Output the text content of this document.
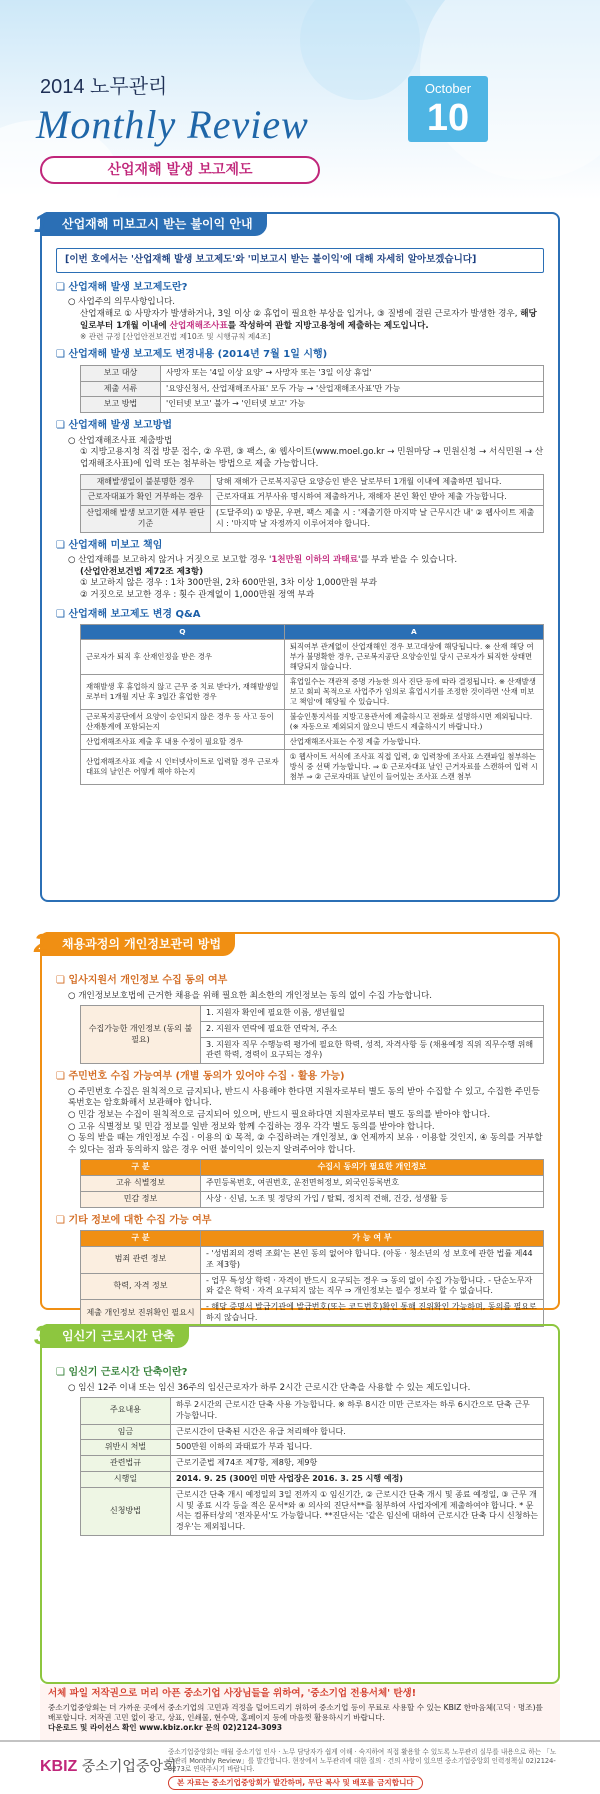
2014 노무관리
Monthly Review
October
10
산업재해 발생 보고제도
산업재해 미보고시 받는 불이익 안내
1
[이번 호에서는 '산업재해 발생 보고제도'와 '미보고시 받는 불이익'에 대해 자세히 알아보겠습니다]
❏ 산업재해 발생 보고제도란?
○ 사업주의 의무사항입니다.
산업재해로 ① 사망자가 발생하거나, 3일 이상 ② 휴업이 필요한 부상을 입거나, ③ 질병에 걸린 근로자가 발생한 경우, 해당일로부터 1개월 이내에 산업재해조사표를 작성하여 관할 지방고용청에 제출하는 제도입니다.
※ 관련 규정 [산업안전보건법 제10조 및 시행규칙 제4조]
❏ 산업재해 발생 보고제도 변경내용 (2014년 7월 1일 시행)
보고 대상	사망자 또는 '4일 이상 요양' → 사망자 또는 '3일 이상 휴업'
제출 서류	'요양신청서, 산업재해조사표' 모두 가능 → '산업재해조사표'만 가능
보고 방법	'인터넷 보고' 불가 → '인터넷 보고' 가능
❏ 산업재해 발생 보고방법
○ 산업재해조사표 제출방법
① 지방고용지청 직접 방문 접수, ② 우편, ③ 팩스, ④ 웹사이트(www.moel.go.kr → 민원마당 → 민원신청 → 서식민원 → 산업재해조사표)에 입력 또는 첨부하는 방법으로 제출 가능합니다.
재해발생일이 불분명한 경우	당해 재해가 근로복지공단 요양승인 받은 날로부터 1개월 이내에 제출하면 됩니다.
근로자대표가 확인 거부하는 경우	근로자대표 거부사유 명시하여 제출하거나, 재해자 본인 확인 받아 제출 가능합니다.
산업재해 발생 보고기한 세부 판단기준	(도달주의) ① 방문, 우편, 팩스 제출 시 : '제출기한 마지막 날 근무시간 내' ② 웹사이트 제출 시 : '마지막 날 자정까지 이루어져야 합니다.
❏ 산업재해 미보고 책임
○ 산업재해를 보고하지 않거나 거짓으로 보고할 경우 '1천만원 이하의 과태료'를 부과 받을 수 있습니다.
(산업안전보건법 제72조 제3항)
① 보고하지 않은 경우 : 1차 300만원, 2차 600만원, 3차 이상 1,000만원 부과
② 거짓으로 보고한 경우 : 횟수 관계없이 1,000만원 정액 부과
❏ 산업재해 보고제도 변경 Q&A
Q	A
근로자가 퇴직 후 산재인정을 받은 경우	퇴직여부 관계없이 산업재해인 경우 보고대상에 해당됩니다. ※ 산재 해당 여부가 불명확한 경우, 근로복지공단 요양승인일 당시 근로자가 퇴직한 상태면 해당되지 않습니다.
재해발생 후 휴업하지 않고 근무 중 치료 받다가, 재해발생일로부터 1개월 지난 후 3일간 휴업한 경우	휴업일수는 객관적 증명 가능한 의사 진단 등에 따라 결정됩니다. ※ 산재발생 보고 회피 목적으로 사업주가 임의로 휴업시기를 조정한 것이라면 '산재 미보고 책임'에 해당될 수 있습니다.
근로복지공단에서 요양이 승인되지 않은 경우 등 사고 등이 산재통계에 포함되는지	불승인통지서를 지방고용관서에 제출하시고 전화로 설명하시면 제외됩니다. (※ 자동으로 제외되지 않으니 반드시 제출하시기 바랍니다.)
산업재해조사표 제출 후 내용 수정이 필요할 경우	산업재해조사표는 수정 제출 가능합니다.
산업재해조사표 제출 시 인터넷사이트로 입력할 경우 근로자대표의 날인은 어떻게 해야 하는지	① 웹사이트 서식에 조사표 직접 입력, ② 입력창에 조사표 스캔파일 첨부하는 방식 중 선택 가능합니다. ⇒ ① 근로자대표 날인 근거자료를 스캔하여 입력 시 첨부 ⇒ ② 근로자대표 날인이 들어있는 조사표 스캔 첨부
채용과정의 개인정보관리 방법
2
❏ 입사지원서 개인정보 수집 동의 여부
○ 개인정보보호법에 근거한 채용을 위해 필요한 최소한의 개인정보는 동의 없이 수집 가능합니다.
수집가능한 개인정보 (동의 불필요)	1. 지원자 확인에 필요한 이름, 생년월일
2. 지원자 연락에 필요한 연락처, 주소
3. 지원자 직무 수행능력 평가에 필요한 학력, 성적, 자격사항 등 (채용예정 직위 직무수행 위해 관련 학력, 경력이 요구되는 경우)
❏ 주민번호 수집 가능여부 (개별 동의가 있어야 수집 · 활용 가능)
○ 주민번호 수집은 원칙적으로 금지되나, 반드시 사용해야 한다면 지원자로부터 별도 동의 받아 수집할 수 있고, 수집한 주민등록번호는 암호화해서 보관해야 합니다.
○ 민감 정보는 수집이 원칙적으로 금지되어 있으며, 반드시 필요하다면 지원자로부터 별도 동의를 받아야 합니다.
○ 고유 식별정보 및 민감 정보를 일반 정보와 함께 수집하는 경우 각각 별도 동의를 받아야 합니다.
○ 동의 받을 때는 개인정보 수집 · 이용의 ① 목적, ② 수집하려는 개인정보, ③ 언제까지 보유 · 이용할 것인지, ④ 동의를 거부할 수 있다는 점과 동의하지 않은 경우 어떤 불이익이 있는지 알려주어야 합니다.
구 분	수집시 동의가 필요한 개인정보
고유 식별정보	주민등록번호, 여권번호, 운전면허정보, 외국인등록번호
민감 정보	사상 · 신념, 노조 및 정당의 가입 / 탈퇴, 정치적 견해, 건강, 성생활 등
❏ 기타 정보에 대한 수집 가능 여부
구 분	가 능 여 부
범죄 관련 정보	- '성범죄의 경력 조회'는 본인 동의 없어야 합니다. (아동 · 청소년의 성 보호에 관한 법률 제44조 제3항)
학력, 자격 정보	- 업무 특성상 학력 · 자격이 반드시 요구되는 경우 ⇒ 동의 없이 수집 가능합니다. - 단순노무자와 같은 학력 · 자격 요구되지 않는 직무 ⇒ 개인정보는 필수 정보라 할 수 없습니다.
제출 개인정보 진위확인 필요시	- 해당 증명서 발급기관에 발급번호(또는 코드번호)확인 통해 진위확인 가능하며, 동의를 필요로 하지 않습니다.
임신기 근로시간 단축
3
❏ 임신기 근로시간 단축이란?
○ 임신 12주 이내 또는 임신 36주의 임신근로자가 하루 2시간 근로시간 단축을 사용할 수 있는 제도입니다.
주요내용	하루 2시간의 근로시간 단축 사용 가능합니다. ※ 하루 8시간 미만 근로자는 하루 6시간으로 단축 근무 가능합니다.
임금	근로시간이 단축된 시간은 유급 처리해야 합니다.
위반시 처벌	500만원 이하의 과태료가 부과 됩니다.
관련법규	근로기준법 제74조 제7항, 제8항, 제9항
시행일	2014. 9. 25 (300인 미만 사업장은 2016. 3. 25 시행 예정)
신청방법	근로시간 단축 개시 예정일의 3일 전까지 ① 임신기간, ② 근로시간 단축 개시 및 종료 예정일, ③ 근무 개시 및 종료 시각 등을 적은 문서*와 ④ 의사의 진단서**를 첨부하여 사업자에게 제출하여야 합니다. * 문서는 컴퓨터상의 '전자문서'도 가능합니다. **진단서는 '같은 임신에 대하여 근로시간 단축 다시 신청하는 경우'는 제외됩니다.
서체 파일 저작권으로 머리 아픈 중소기업 사장님들을 위하여, '중소기업 전용서체' 탄생!
중소기업중앙회는 더 가까운 곳에서 중소기업의 고민과 걱정을 덜어드리기 위하여 중소기업 등이 무료로 사용할 수 있는 KBIZ 한마음체(고딕 · 명조)를 배포합니다. 저작권 고민 없이 광고, 상표, 인쇄물, 현수막, 홈페이지 등에 마음껏 활용하시기 바랍니다.
다운로드 및 라이선스 확인 www.kbiz.or.kr 문의 02)2124-3093
KBIZ 중소기업중앙회
중소기업중앙회는 매월 중소기업 인사 · 노무 담당자가 쉽게 이해 · 숙지하여 직접 활용할 수 있도록 노무관리 실무를 내용으로 하는 「노무관리 Monthly Review」를 발간합니다. 현장에서 노무관리에 대한 질의 · 건의 사항이 있으면 중소기업중앙회 인력정책실 02)2124-3273로 연락주시기 바랍니다.
본 자료는 중소기업중앙회가 발간하며, 무단 복사 및 배포를 금지합니다
